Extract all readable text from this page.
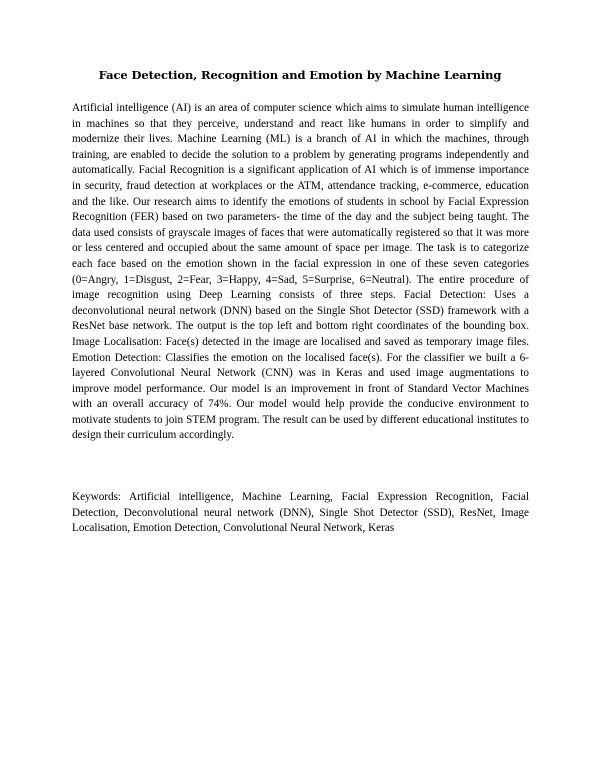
Face Detection, Recognition and Emotion by Machine Learning

Artificial intelligence (AI) is an area of computer science which aims to simulate human intelligence in machines so that they perceive, understand and react like humans in order to simplify and modernize their lives. Machine Learning (ML) is a branch of AI in which the machines, through training, are enabled to decide the solution to a problem by generating programs independently and automatically. Facial Recognition is a significant application of AI which is of immense importance in security, fraud detection at workplaces or the ATM, attendance tracking, e-commerce, education and the like. Our research aims to identify the emotions of students in school by Facial Expression Recognition (FER) based on two parameters- the time of the day and the subject being taught. The data used consists of grayscale images of faces that were automatically registered so that it was more or less centered and occupied about the same amount of space per image. The task is to categorize each face based on the emotion shown in the facial expression in one of these seven categories (0=Angry, 1=Disgust, 2=Fear, 3=Happy, 4=Sad, 5=Surprise, 6=Neutral). The entire procedure of image recognition using Deep Learning consists of three steps. Facial Detection: Uses a deconvolutional neural network (DNN) based on the Single Shot Detector (SSD) framework with a ResNet base network. The output is the top left and bottom right coordinates of the bounding box. Image Localisation: Face(s) detected in the image are localised and saved as temporary image files. Emotion Detection: Classifies the emotion on the localised face(s). For the classifier we built a 6-layered Convolutional Neural Network (CNN) was in Keras and used image augmentations to improve model performance. Our model is an improvement in front of Standard Vector Machines with an overall accuracy of 74%. Our model would help provide the conducive environment to motivate students to join STEM program. The result can be used by different educational institutes to design their curriculum accordingly.

Keywords: Artificial intelligence, Machine Learning, Facial Expression Recognition, Facial Detection, Deconvolutional neural network (DNN), Single Shot Detector (SSD), ResNet, Image Localisation, Emotion Detection, Convolutional Neural Network, Keras
